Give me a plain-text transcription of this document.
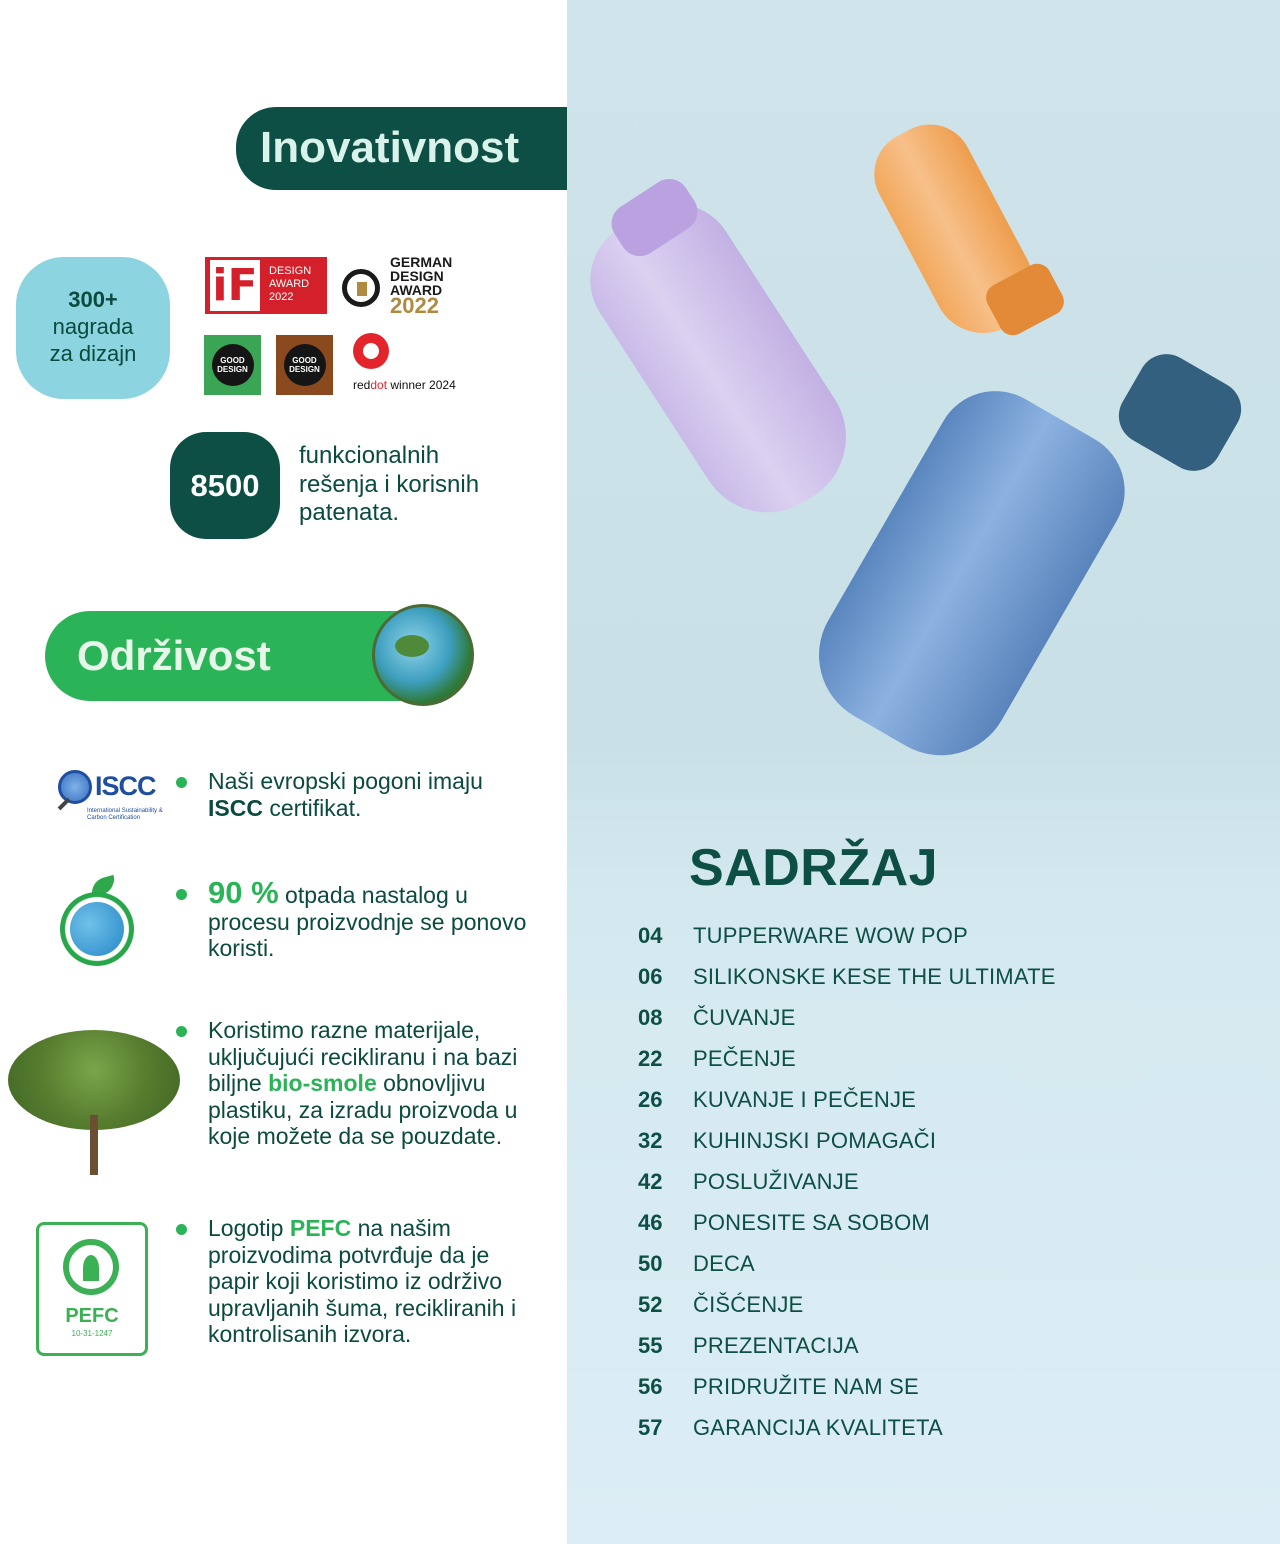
Inovativnost
300+
nagrada
za dizajn
iF DESIGN AWARD 2022
GERMAN DESIGN AWARD
2022
GOOD DESIGN
GOOD DESIGN
reddot winner 2024
8500
funkcionalnih
rešenja i korisnih
patenata.
Održivost
ISCC
International Sustainability & Carbon Certification

Naši evropski pogoni imaju ISCC certifikat.

90 % otpada nastalog u procesu proizvodnje se ponovo koristi.

Koristimo razne materijale, uključujući recikliranu i na bazi biljne bio-smole obnovljivu plastiku, za izradu proizvoda u koje možete da se pouzdate.

PEFC
10-31-1247

Logotip PEFC na našim proizvodima potvrđuje da je papir koji koristimo iz održivo upravljanih šuma, recikliranih i kontrolisanih izvora.

SADRŽAJ
04	TUPPERWARE WOW POP
06	SILIKONSKE KESE THE ULTIMATE
08	ČUVANJE
22	PEČENJE
26	KUVANJE I PEČENJE
32	KUHINJSKI POMAGAČI
42	POSLUŽIVANJE
46	PONESITE SA SOBOM
50	DECA
52	ČIŠĆENJE
55	PREZENTACIJA
56	PRIDRUŽITE NAM SE
57	GARANCIJA KVALITETA
